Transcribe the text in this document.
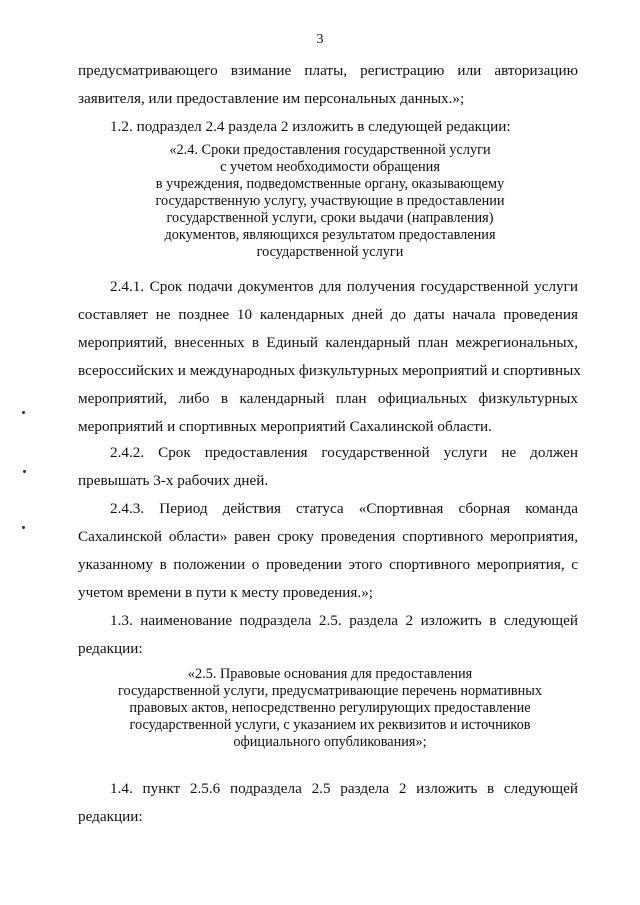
3
предусматривающего взимание платы, регистрацию или авторизацию
заявителя, или предоставление им персональных данных.»;
1.2. подраздел 2.4 раздела 2 изложить в следующей редакции:
«2.4. Сроки предоставления государственной услуги
с учетом необходимости обращения
в учреждения, подведомственные органу, оказывающему
государственную услугу, участвующие в предоставлении
государственной услуги, сроки выдачи (направления)
документов, являющихся результатом предоставления
государственной услуги
2.4.1. Срок подачи документов для получения государственной услуги
составляет не позднее 10 календарных дней до даты начала проведения
мероприятий, внесенных в Единый календарный план межрегиональных,
всероссийских и международных физкультурных мероприятий и спортивных
мероприятий, либо в календарный план официальных физкультурных
мероприятий и спортивных мероприятий Сахалинской области.
2.4.2. Срок предоставления государственной услуги не должен
превышать 3-х рабочих дней.
2.4.3. Период действия статуса «Спортивная сборная команда
Сахалинской области» равен сроку проведения спортивного мероприятия,
указанному в положении о проведении этого спортивного мероприятия, с
учетом времени в пути к месту проведения.»;
1.3. наименование подраздела 2.5. раздела 2 изложить в следующей
редакции:
«2.5. Правовые основания для предоставления
государственной услуги, предусматривающие перечень нормативных
правовых актов, непосредственно регулирующих предоставление
государственной услуги, с указанием их реквизитов и источников
официального опубликования»;
1.4. пункт 2.5.6 подраздела 2.5 раздела 2 изложить в следующей
редакции:
